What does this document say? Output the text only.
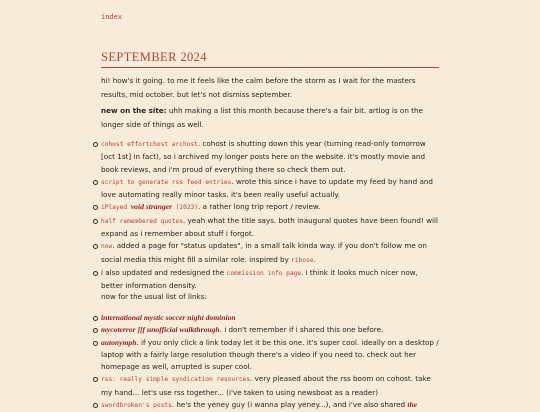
index
SEPTEMBER 2024

hi! how's it going. to me it feels like the calm before the storm as I wait for the masters results, mid october. but let's not dismiss september.

new on the site: uhh making a list this month because there's a fair bit. artlog is on the longer side of things as well.

cohost effortchost archost. cohost is shutting down this year (turning read-only tomorrow [oct 1st] in fact), so i archived my longer posts here on the website. it's mostly movie and book reviews, and i'm proud of everything there so check them out.
script to generate rss feed entries. wrote this since i have to update my feed by hand and love automating really minor tasks. it's been really useful actually.
iPlayed void stranger (2023). a rather long trip report / review.
half remembered quotes. yeah what the title says. both inaugural quotes have been found! will expand as i remember about stuff i forgot.
now. added a page for "status updates", in a small talk kinda way. if you don't follow me on social media this might fill a similar role. inspired by ribose.
i also updated and redesigned the commission info page. i think it looks much nicer now, better information density.

now for the usual list of links:

international mystic soccer night dominion
mycoterror ][f unofficial walkthrough. i don't remember if i shared this one before.
autonymph. if you only click a link today let it be this one. it's super cool. ideally on a desktop / laptop with a fairly large resolution though there's a video if you need to. check out her homepage as well, arrupted is super cool.
rss: really simple syndication resources. very pleased about the rss boom on cohost. take my hand... let's use rss together... (i've taken to using newsboat as a reader)
swordbroken's posts. he's the yeney guy (i wanna play yeney...), and i've also shared the
